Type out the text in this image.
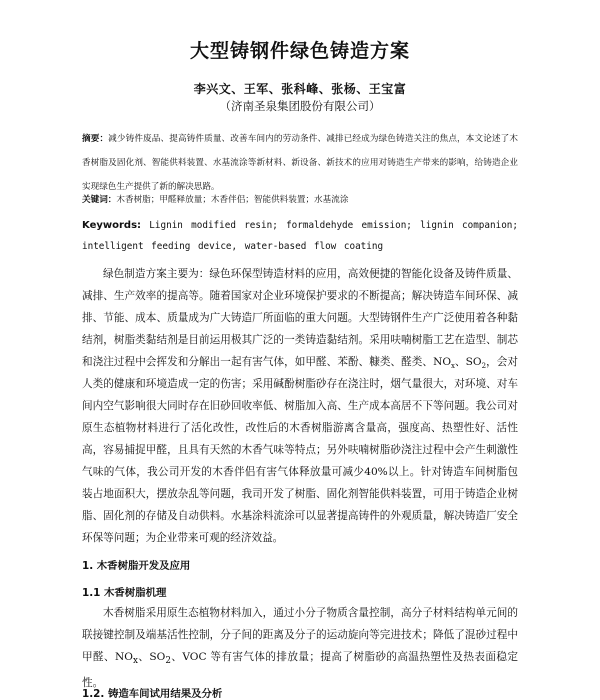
大型铸钢件绿色铸造方案
李兴文、王军、张科峰、张杨、王宝富
（济南圣泉集团股份有限公司）

摘要：减少铸件废品、提高铸件质量、改善车间内的劳动条件、减排已经成为绿色铸造关注的焦点，本文论述了木香树脂及固化剂、智能供料装置、水基流涂等新材料、新设备、新技术的应用对铸造生产带来的影响，给铸造企业实现绿色生产提供了新的解决思路。

关键词：木香树脂；甲醛释放量；木香伴侣；智能供料装置；水基流涂

Keywords: Lignin modified resin; formaldehyde emission; lignin companion; intelligent feeding device, water-based flow coating

绿色制造方案主要为：绿色环保型铸造材料的应用，高效便捷的智能化设备及铸件质量、减排、生产效率的提高等。随着国家对企业环境保护要求的不断提高；解决铸造车间环保、减排、节能、成本、质量成为广大铸造厂所面临的重大问题。大型铸钢件生产广泛使用着各种黏结剂，树脂类黏结剂是目前运用极其广泛的一类铸造黏结剂。采用呋喃树脂工艺在造型、制芯和浇注过程中会挥发和分解出一起有害气体，如甲醛、苯酚、糠类、醛类、$NO_x$、$SO_2$，会对人类的健康和环境造成一定的伤害；采用碱酚树脂砂存在浇注时，烟气量很大，对环境、对车间内空气影响很大同时存在旧砂回收率低、树脂加入高、生产成本高居不下等问题。我公司对原生态植物材料进行了活化改性，改性后的木香树脂游离含量高，强度高、热塑性好、活性高，容易捕捉甲醛，且具有天然的木香气味等特点；另外呋喃树脂砂浇注过程中会产生刺激性气味的气体，我公司开发的木香伴侣有害气体释放量可减少40%以上。针对铸造车间树脂包装占地面积大，摆放杂乱等问题，我司开发了树脂、固化剂智能供料装置，可用于铸造企业树脂、固化剂的存储及自动供料。水基涂料流涂可以显著提高铸件的外观质量，解决铸造厂安全环保等问题；为企业带来可观的经济效益。

1. 木香树脂开发及应用
1.1 木香树脂机理

木香树脂采用原生态植物材料加入，通过小分子物质含量控制，高分子材料结构单元间的联接键控制及端基活性控制，分子间的距离及分子的运动旋向等完进技术；降低了混砂过程中甲醛、$NO_x$、$SO_2$、VOC 等有害气体的排放量；提高了树脂砂的高温热塑性及热表面稳定性。

1.2. 铸造车间试用结果及分析
